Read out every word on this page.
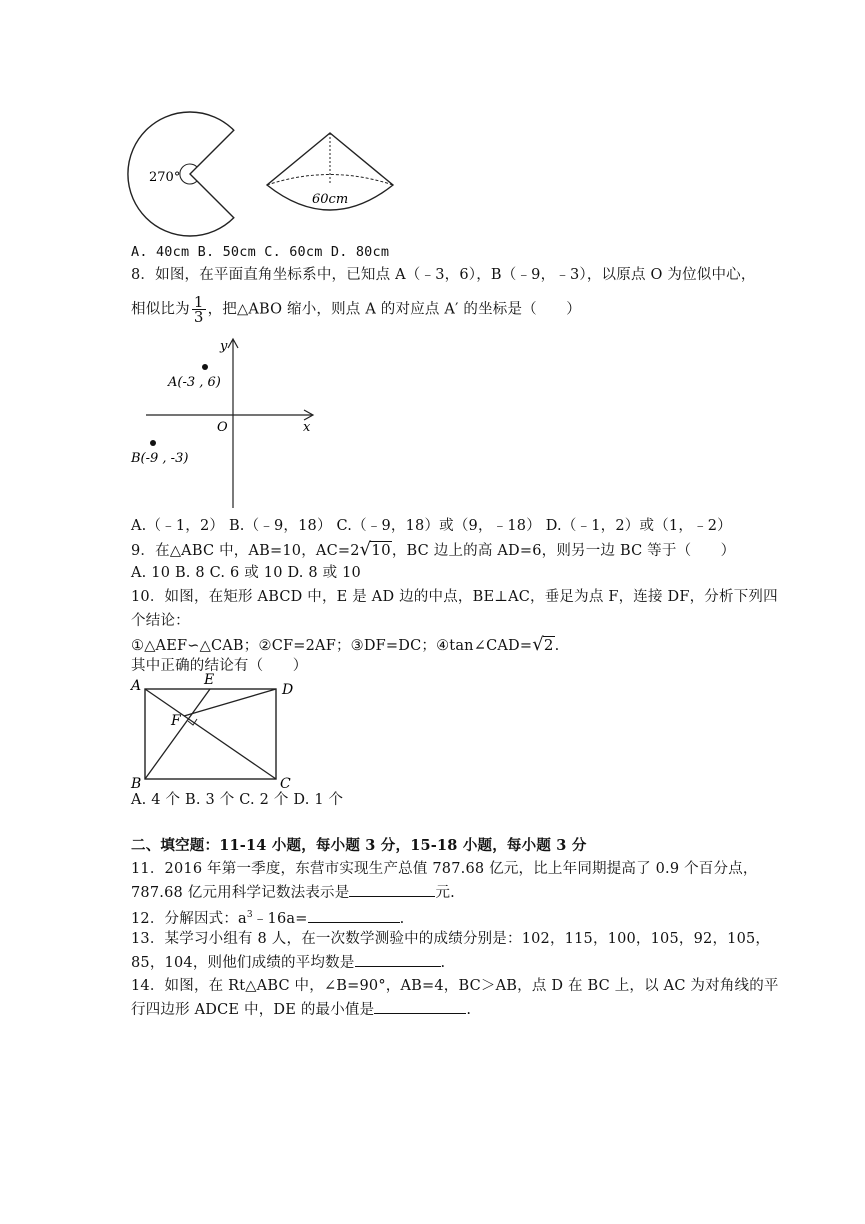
270°
60cm
A. 40cm B. 50cm C. 60cm D. 80cm
8．如图，在平面直角坐标系中，已知点 A（﹣3，6），B（﹣9，﹣3），以原点 O 为位似中心，
相似比为 $\frac{1}{3}$ ，把△ABO 缩小，则点 A 的对应点 A′ 的坐标是（　　）
y
x
O
A(-3 , 6)
B(-9 , -3)
A.（﹣1，2） B.（﹣9，18） C.（﹣9，18）或（9，﹣18） D.（﹣1，2）或（1，﹣2）
9．在△ABC 中，AB=10，AC=2√10，BC 边上的高 AD=6，则另一边 BC 等于（　　）
A. 10 B. 8 C. 6 或 10 D. 8 或 10
10．如图，在矩形 ABCD 中，E 是 AD 边的中点，BE⊥AC，垂足为点 F，连接 DF，分析下列四
个结论：
①△AEF∽△CAB；②CF=2AF；③DF=DC；④tan∠CAD=√2.
其中正确的结论有（　　）
A	E
D
F
B	C
A. 4 个 B. 3 个 C. 2 个 D. 1 个
二、填空题：11-14 小题，每小题 3 分，15-18 小题，每小题 3 分
11．2016 年第一季度，东营市实现生产总值 787.68 亿元，比上年同期提高了 0.9 个百分点，
787.68 亿元用科学记数法表示是	元.
12．分解因式：$a^3﹣16a=$	.
13．某学习小组有 8 人，在一次数学测验中的成绩分别是：102，115，100，105，92，105，
85，104，则他们成绩的平均数是	.
14．如图，在 Rt△ABC 中，∠B=90°，AB=4，BC＞AB，点 D 在 BC 上，以 AC 为对角线的平
行四边形 ADCE 中，DE 的最小值是	.
